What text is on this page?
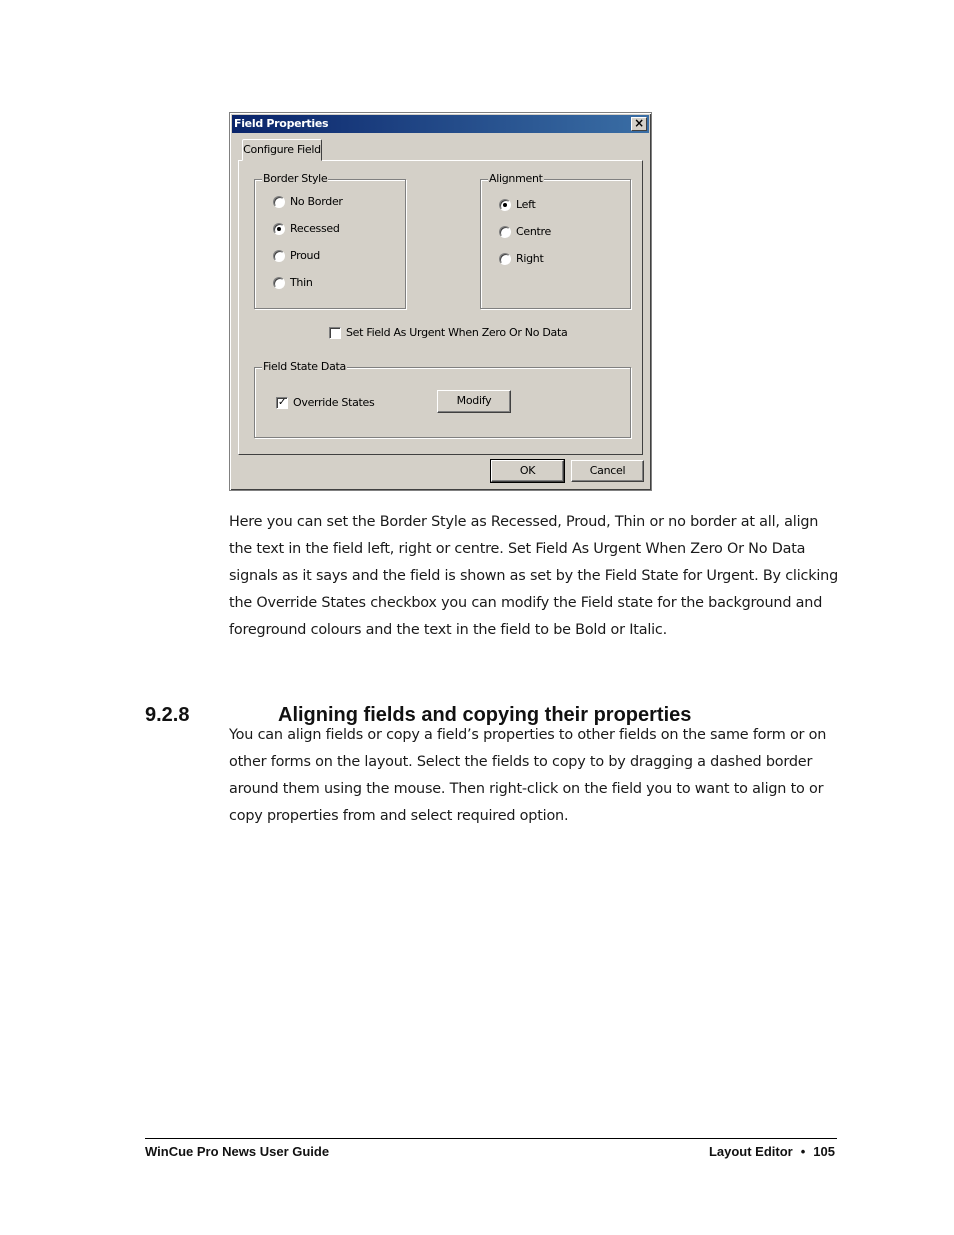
Field Properties	×
Configure Field
Border Style
No Border
Recessed
Proud
Thin
Alignment
Left
Centre
Right
Set Field As Urgent When Zero Or No Data
Field State Data
✓ Override States	Modify
OK	Cancel

Here you can set the Border Style as Recessed, Proud, Thin or no border at all, align the text in the field left, right or centre. Set Field As Urgent When Zero Or No Data signals as it says and the field is shown as set by the Field State for Urgent. By clicking the Override States checkbox you can modify the Field state for the background and foreground colours and the text in the field to be Bold or Italic.

9.2.8	Aligning fields and copying their properties

You can align fields or copy a field’s properties to other fields on the same form or on other forms on the layout. Select the fields to copy to by dragging a dashed border around them using the mouse. Then right-click on the field you to want to align to or copy properties from and select required option.

WinCue Pro News User Guide	Layout Editor • 105
